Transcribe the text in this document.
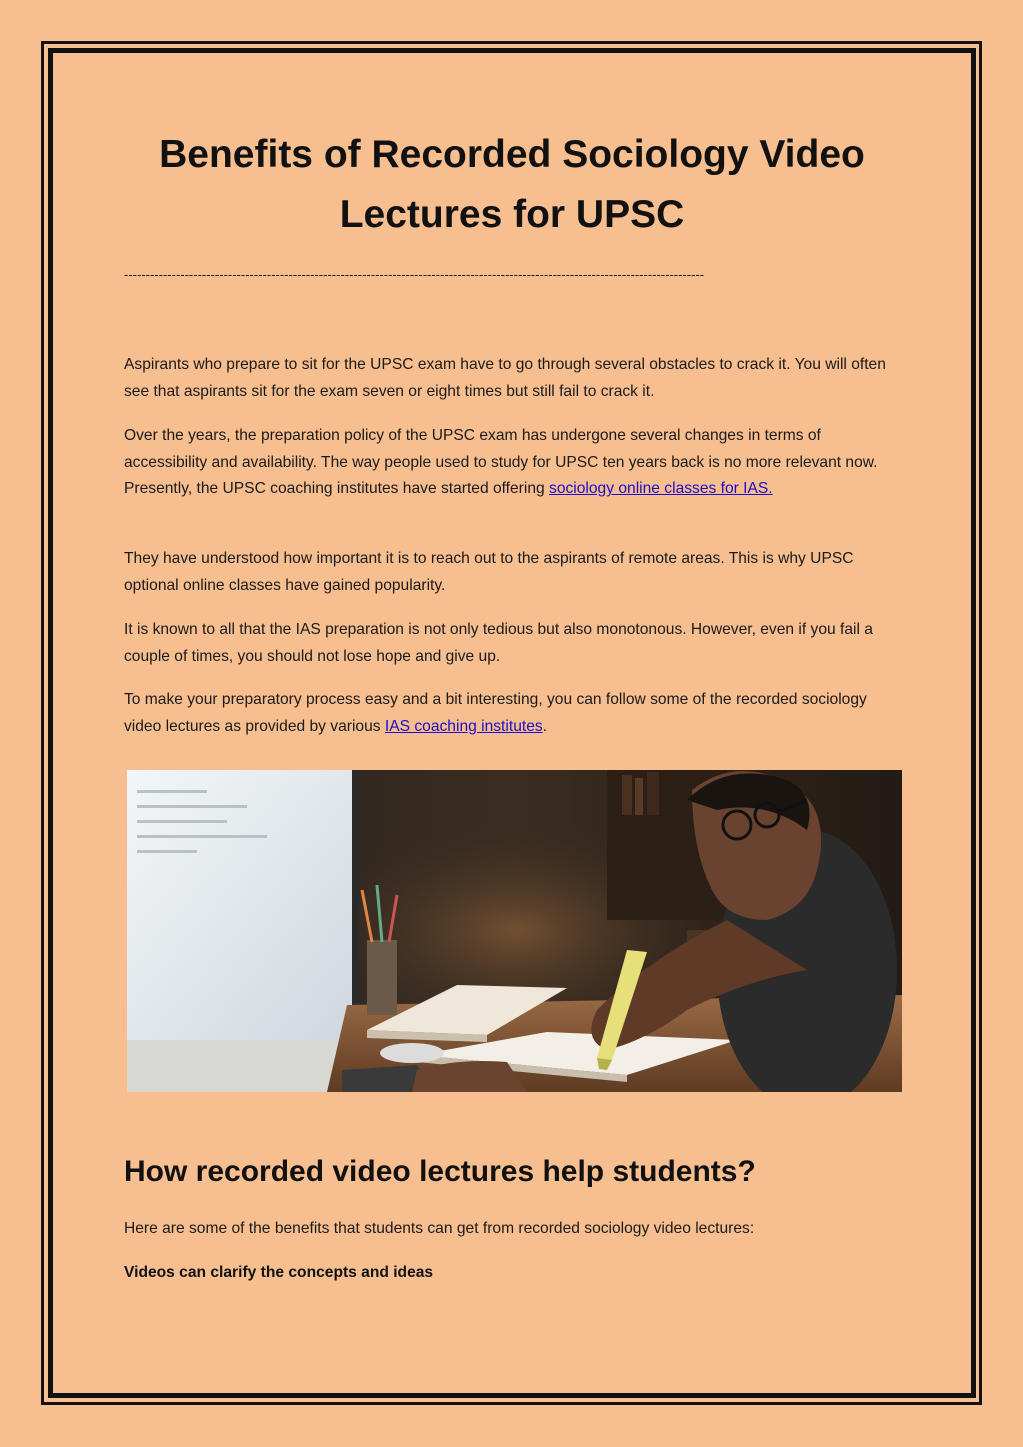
Benefits of Recorded Sociology Video Lectures for UPSC
--------------------------------------------------------------------------------------------------------------------------------------

Aspirants who prepare to sit for the UPSC exam have to go through several obstacles to crack it. You will often see that aspirants sit for the exam seven or eight times but still fail to crack it.

Over the years, the preparation policy of the UPSC exam has undergone several changes in terms of accessibility and availability. The way people used to study for UPSC ten years back is no more relevant now. Presently, the UPSC coaching institutes have started offering sociology online classes for IAS.

They have understood how important it is to reach out to the aspirants of remote areas. This is why UPSC optional online classes have gained popularity.

It is known to all that the IAS preparation is not only tedious but also monotonous. However, even if you fail a couple of times, you should not lose hope and give up.

To make your preparatory process easy and a bit interesting, you can follow some of the recorded sociology video lectures as provided by various IAS coaching institutes.

How recorded video lectures help students?

Here are some of the benefits that students can get from recorded sociology video lectures:

Videos can clarify the concepts and ideas
